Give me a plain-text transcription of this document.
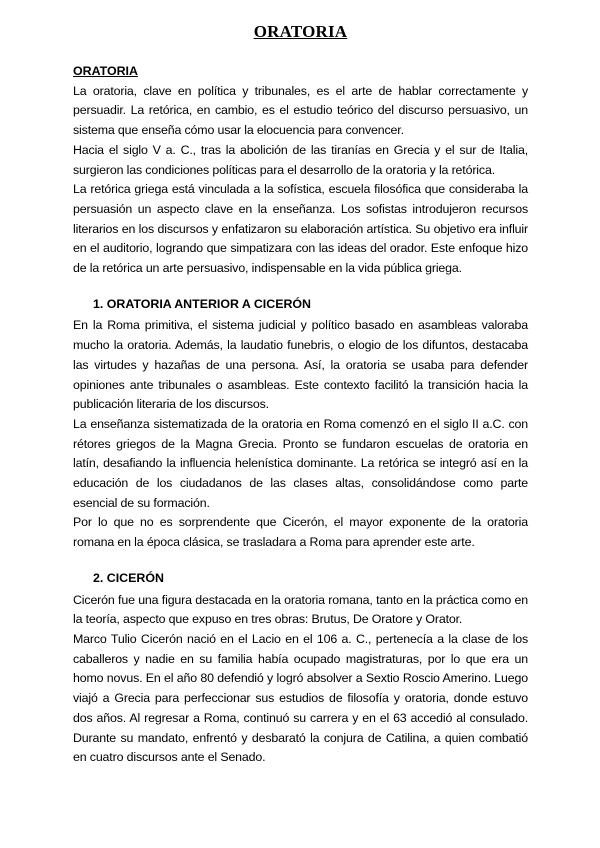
ORATORIA
ORATORIA

La oratoria, clave en política y tribunales, es el arte de hablar correctamente y persuadir. La retórica, en cambio, es el estudio teórico del discurso persuasivo, un sistema que enseña cómo usar la elocuencia para convencer.

Hacia el siglo V a. C., tras la abolición de las tiranías en Grecia y el sur de Italia, surgieron las condiciones políticas para el desarrollo de la oratoria y la retórica.

La retórica griega está vinculada a la sofística, escuela filosófica que consideraba la persuasión un aspecto clave en la enseñanza. Los sofistas introdujeron recursos literarios en los discursos y enfatizaron su elaboración artística. Su objetivo era influir en el auditorio, logrando que simpatizara con las ideas del orador. Este enfoque hizo de la retórica un arte persuasivo, indispensable en la vida pública griega.

1. ORATORIA ANTERIOR A CICERÓN

En la Roma primitiva, el sistema judicial y político basado en asambleas valoraba mucho la oratoria. Además, la laudatio funebris, o elogio de los difuntos, destacaba las virtudes y hazañas de una persona. Así, la oratoria se usaba para defender opiniones ante tribunales o asambleas. Este contexto facilitó la transición hacia la publicación literaria de los discursos.

La enseñanza sistematizada de la oratoria en Roma comenzó en el siglo II a.C. con rétores griegos de la Magna Grecia. Pronto se fundaron escuelas de oratoria en latín, desafiando la influencia helenística dominante. La retórica se integró así en la educación de los ciudadanos de las clases altas, consolidándose como parte esencial de su formación.

Por lo que no es sorprendente que Cicerón, el mayor exponente de la oratoria romana en la época clásica, se trasladara a Roma para aprender este arte.

2. CICERÓN

Cicerón fue una figura destacada en la oratoria romana, tanto en la práctica como en la teoría, aspecto que expuso en tres obras: Brutus, De Oratore y Orator.

Marco Tulio Cicerón nació en el Lacio en el 106 a. C., pertenecía a la clase de los caballeros y nadie en su familia había ocupado magistraturas, por lo que era un homo novus. En el año 80 defendió y logró absolver a Sextio Roscio Amerino. Luego viajó a Grecia para perfeccionar sus estudios de filosofía y oratoria, donde estuvo dos años. Al regresar a Roma, continuó su carrera y en el 63 accedió al consulado. Durante su mandato, enfrentó y desbarató la conjura de Catilina, a quien combatió en cuatro discursos ante el Senado.
